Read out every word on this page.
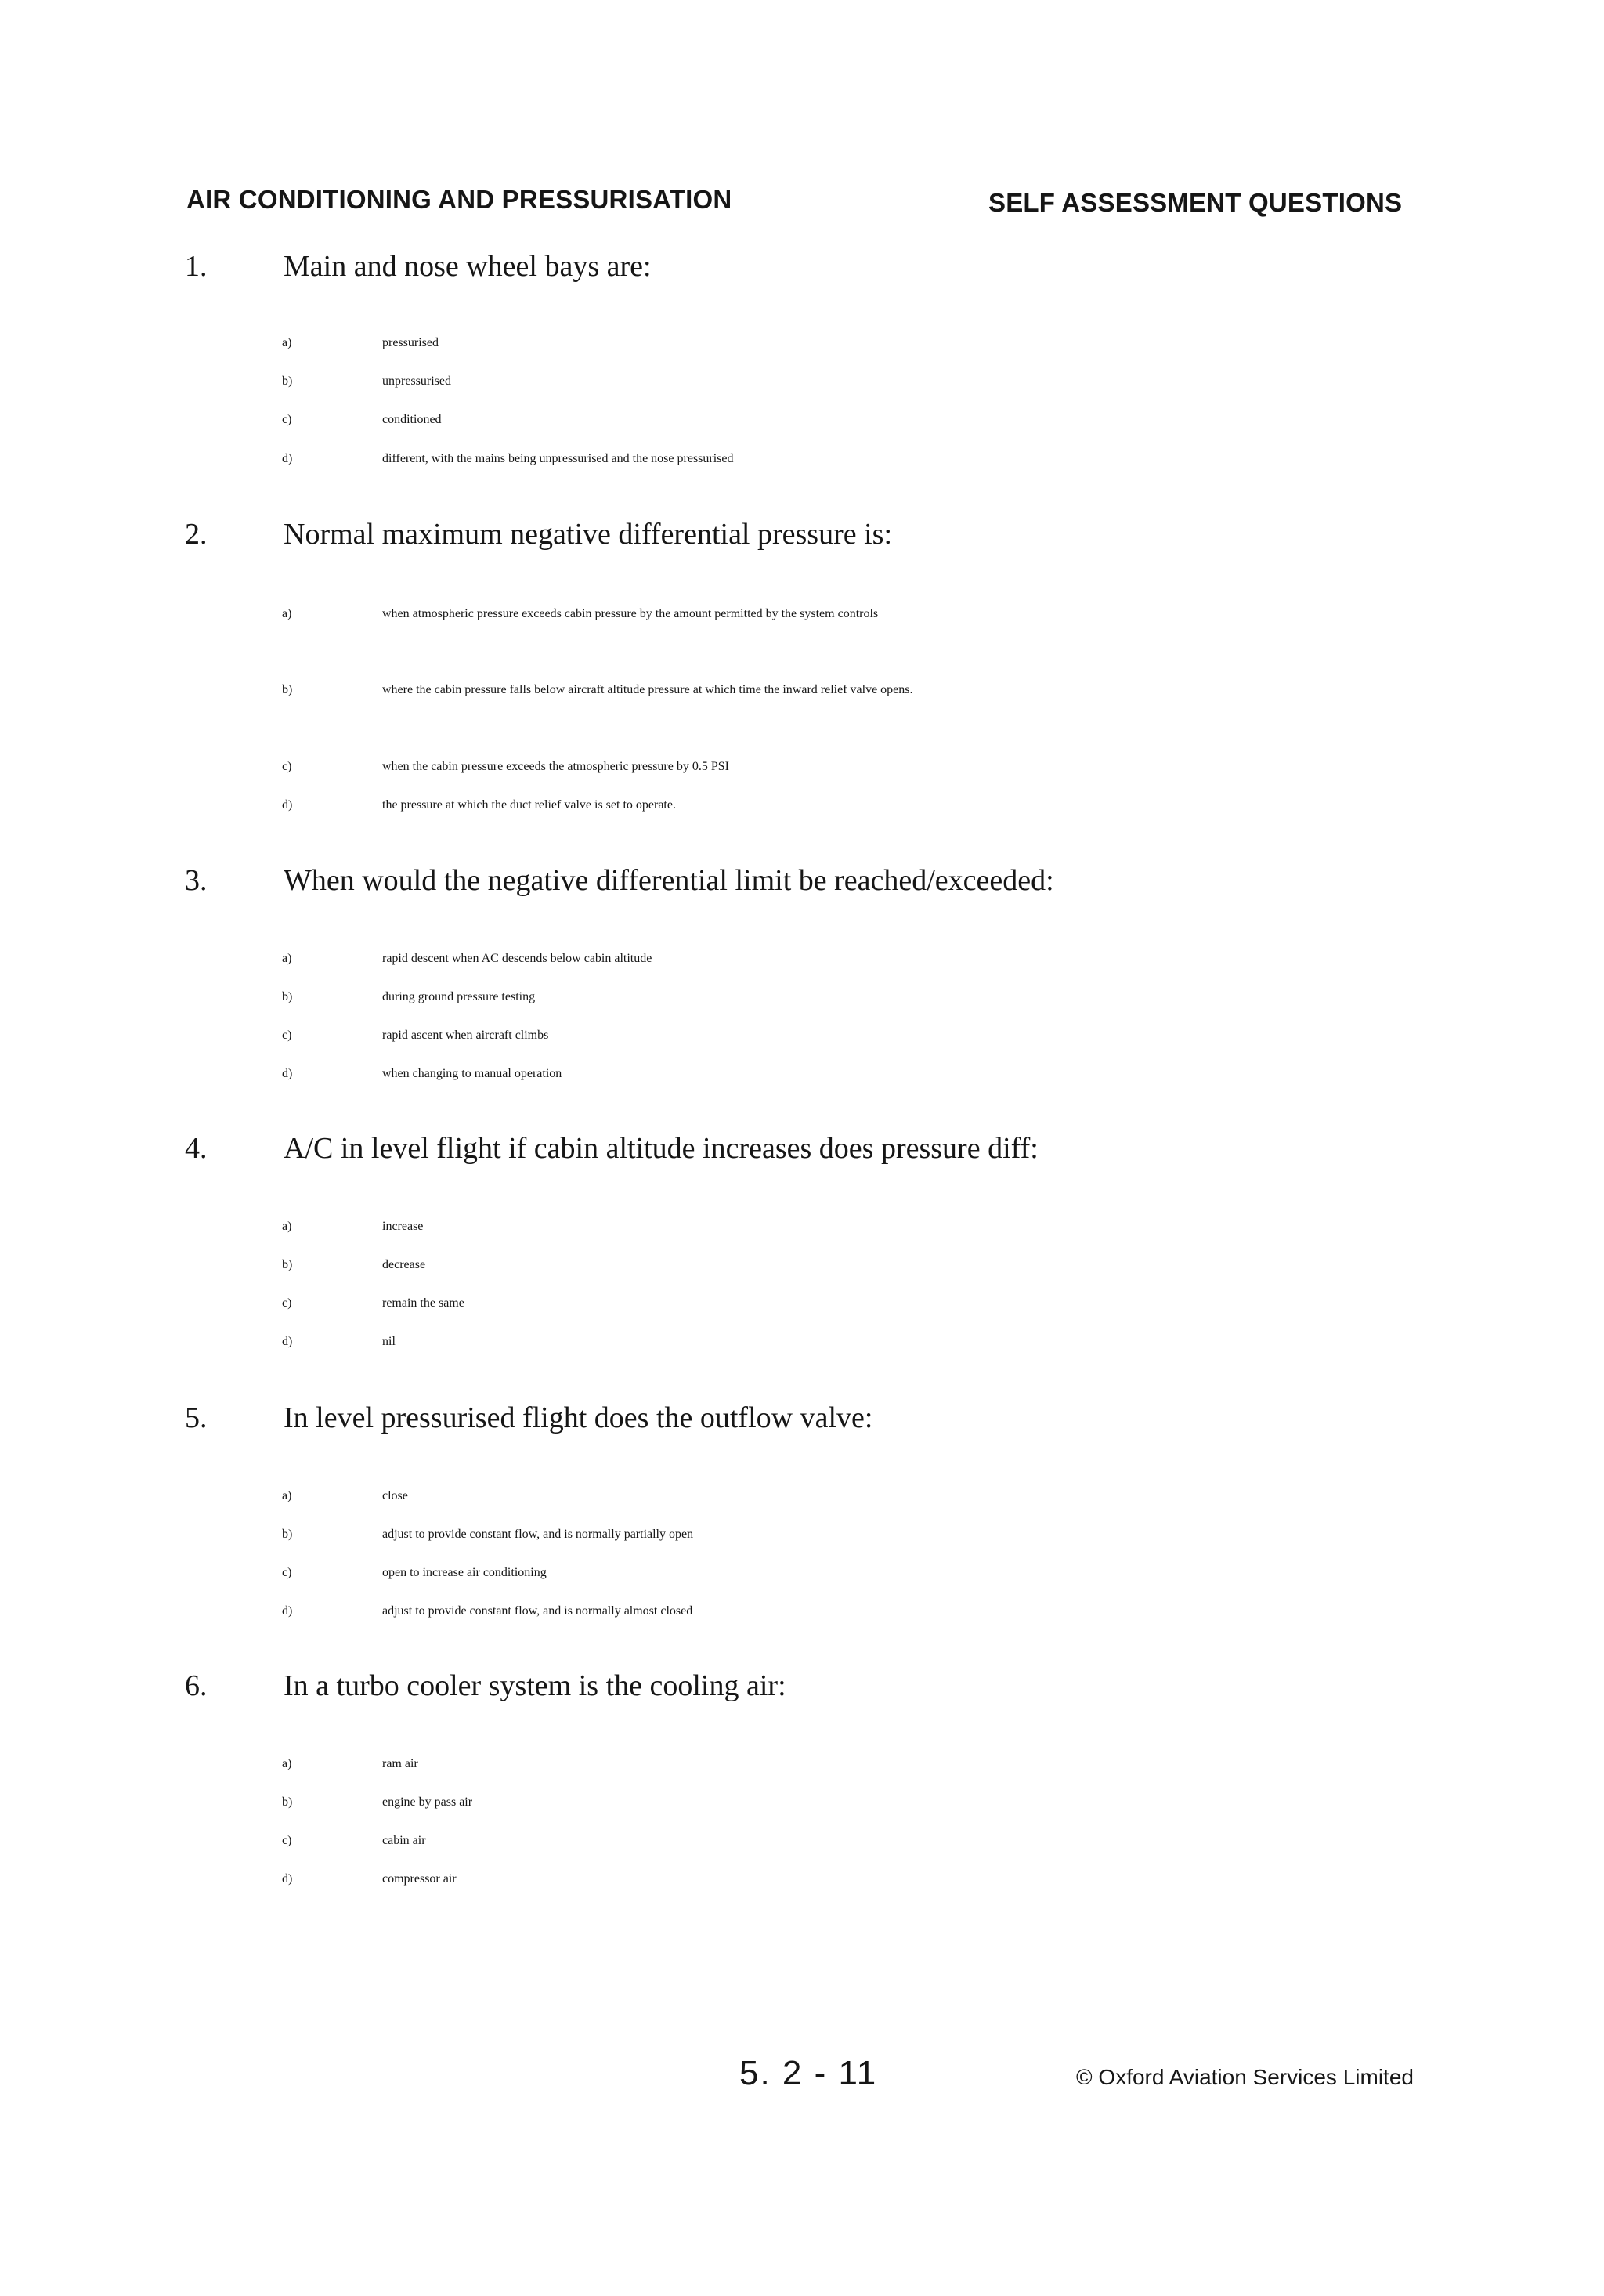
AIR CONDITIONING AND PRESSURISATION	SELF ASSESSMENT QUESTIONS
1.	Main and nose wheel bays are:
a)	pressurised
b)	unpressurised
c)	conditioned
d)	different, with the mains being unpressurised and the nose pressurised
2.	Normal maximum negative differential pressure is:
a)	when atmospheric pressure exceeds cabin pressure by the amount permitted by the system controls
b)	where the cabin pressure falls below aircraft altitude pressure at which time the inward relief valve opens.
c)	when the cabin pressure exceeds the atmospheric pressure by 0.5 PSI
d)	the pressure at which the duct relief valve is set to operate.
3.	When would the negative differential limit be reached/exceeded:
a)	rapid descent when AC descends below cabin altitude
b)	during ground pressure testing
c)	rapid ascent when aircraft climbs
d)	when changing to manual operation
4.	A/C in level flight if cabin altitude increases does pressure diff:
a)	increase
b)	decrease
c)	remain the same
d)	nil
5.	In level pressurised flight does the outflow valve:
a)	close
b)	adjust to provide constant flow, and is normally partially open
c)	open to increase air conditioning
d)	adjust to provide constant flow, and is normally almost closed
6.	In a turbo cooler system is the cooling air:
a)	ram air
b)	engine by pass air
c)	cabin air
d)	compressor air
5. 2 - 11	© Oxford Aviation Services Limited
